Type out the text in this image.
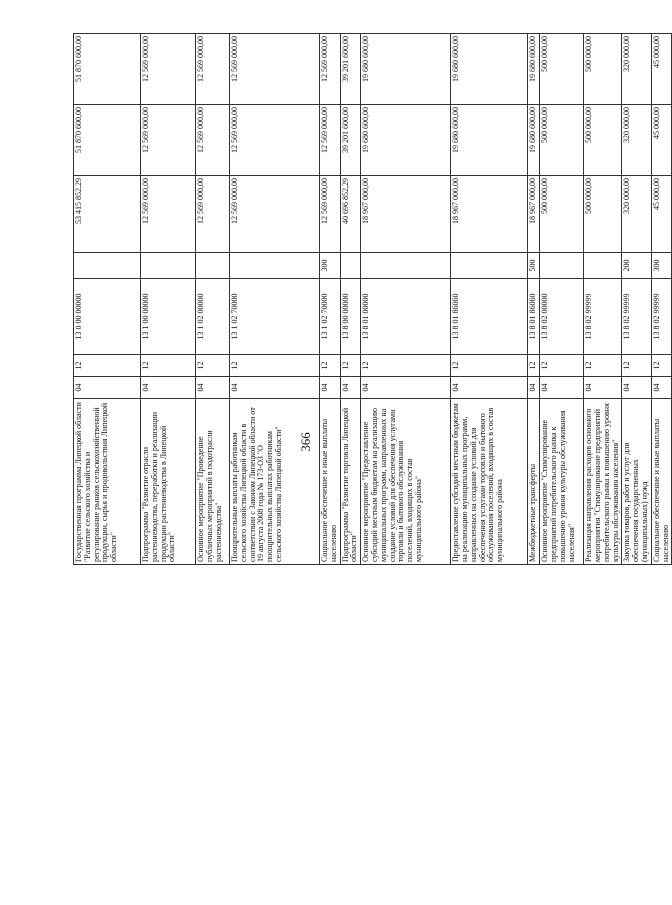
366
Государственная программа Липецкой области "Развитие сельского хозяйства и регулирование рынков сельскохозяйственной продукции, сырья и продовольствия Липецкой области"	04	12	13 0 00 00000		53 415 852,29	51 870 600,00	51 870 600,00
Подпрограмма "Развитие отрасли растениеводства, переработки и реализации продукции растениеводства в Липецкой области"	04	12	13 1 00 00000		12 569 000,00	12 569 000,00	12 569 000,00
Основное мероприятие "Проведение публичных мероприятий в подотрасли растениеводства"	04	12	13 1 02 00000		12 569 000,00	12 569 000,00	12 569 000,00
Поощрительные выплаты работникам сельского хозяйства Липецкой области в соответствии с Законом Липецкой области от 19 августа 2008 года № 173-ОЗ "О поощрительных выплатах работникам сельского хозяйства Липецкой области"	04	12	13 1 02 70000		12 569 000,00	12 569 000,00	12 569 000,00
Социальное обеспечение и иные выплаты населению	04	12	13 1 02 70000	300	12 569 000,00	12 569 000,00	12 569 000,00
Подпрограмма "Развитие торговли Липецкой области"	04	12	13 8 00 00000		40 696 852,29	39 201 600,00	39 201 600,00
Основное мероприятие "Предоставление субсидий местным бюджетам на реализацию муниципальных программ, направленных на создание условий для обеспечения услугами торговли и бытового обслуживания поселений, входящих в состав муниципального района"	04	12	13 8 01 00000		18 967 000,00	19 680 600,00	19 680 600,00
Предоставление субсидий местным бюджетам на реализацию муниципальных программ, направленных на создание условий для обеспечения услугами торговли и бытового обслуживания поселений, входящих в состав муниципального района	04	12	13 8 01 86060		18 967 000,00	19 680 600,00	19 680 600,00
Межбюджетные трансферты	04	12	13 8 01 86060	500	18 967 000,00	19 680 600,00	19 680 600,00
Основное мероприятие "Стимулирование предприятий потребительского рынка к повышению уровня культуры обслуживания населения"	04	12	13 8 02 00000		500 000,00	500 000,00	500 000,00
Реализация направления расходов основного мероприятия "Стимулирование предприятий потребительского рынка к повышению уровня культуры обслуживания населения"	04	12	13 8 02 99999		500 000,00	500 000,00	500 000,00
Закупка товаров, работ и услуг для обеспечения государственных (муниципальных) нужд	04	12	13 8 02 99999	200	320 000,00	320 000,00	320 000,00
Социальное обеспечение и иные выплаты населению	04	12	13 8 02 99999	300	45 000,00	45 000,00	45 000,00
